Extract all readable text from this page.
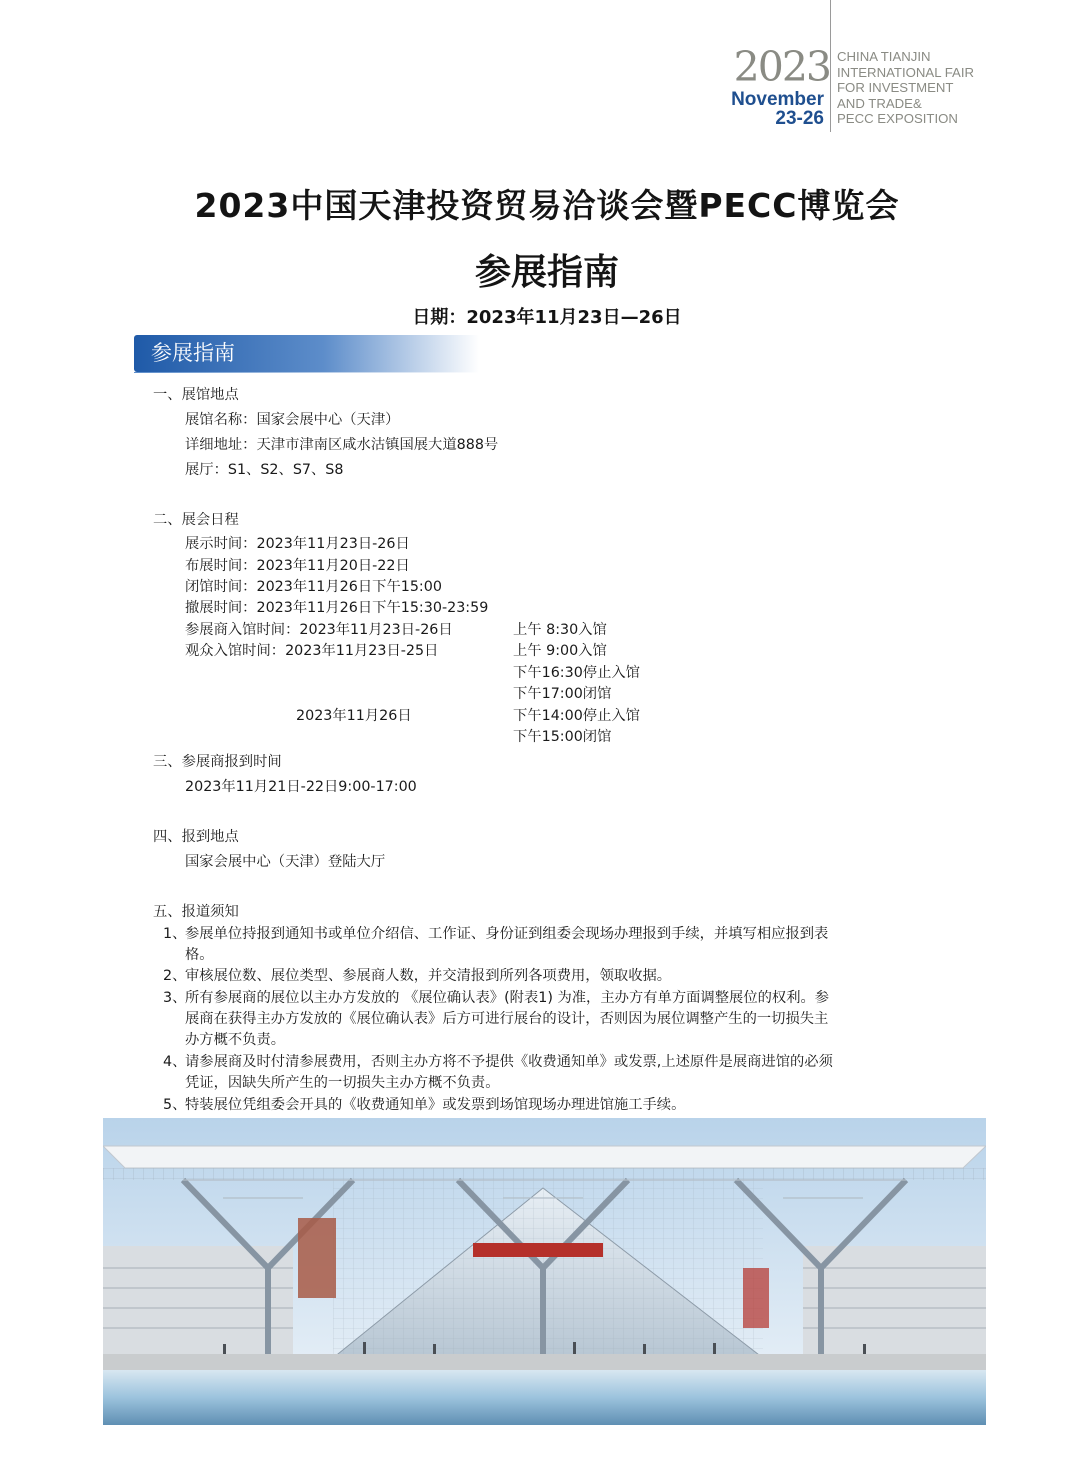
2023
November
23-26
CHINA TIANJIN
INTERNATIONAL FAIR
FOR INVESTMENT
AND TRADE&
PECC EXPOSITION
2023中国天津投资贸易洽谈会暨PECC博览会
参展指南
日期：2023年11月23日—26日
参展指南
一、展馆地点
展馆名称：国家会展中心（天津）
详细地址：天津市津南区咸水沽镇国展大道888号
展厅：S1、S2、S7、S8
二、展会日程
展示时间：2023年11月23日-26日
布展时间：2023年11月20日-22日
闭馆时间：2023年11月26日下午15:00
撤展时间：2023年11月26日下午15:30-23:59
参展商入馆时间：2023年11月23日-26日	上午 8:30入馆
观众入馆时间：2023年11月23日-25日	上午 9:00入馆
下午16:30停止入馆
下午17:00闭馆
2023年11月26日	下午14:00停止入馆
下午15:00闭馆
三、参展商报到时间
2023年11月21日-22日9:00-17:00
四、报到地点
国家会展中心（天津）登陆大厅
五、报道须知
1、
参展单位持报到通知书或单位介绍信、工作证、身份证到组委会现场办理报到手续，并填写相应报到表
格。
2、
审核展位数、展位类型、参展商人数，并交清报到所列各项费用，领取收据。
3、
所有参展商的展位以主办方发放的 《展位确认表》(附表1) 为准，主办方有单方面调整展位的权利。参
展商在获得主办方发放的《展位确认表》后方可进行展台的设计，否则因为展位调整产生的一切损失主
办方概不负责。
4、
请参展商及时付清参展费用，否则主办方将不予提供《收费通知单》或发票,上述原件是展商进馆的必须
凭证，因缺失所产生的一切损失主办方概不负责。
5、
特装展位凭组委会开具的《收费通知单》或发票到场馆现场办理进馆施工手续。
